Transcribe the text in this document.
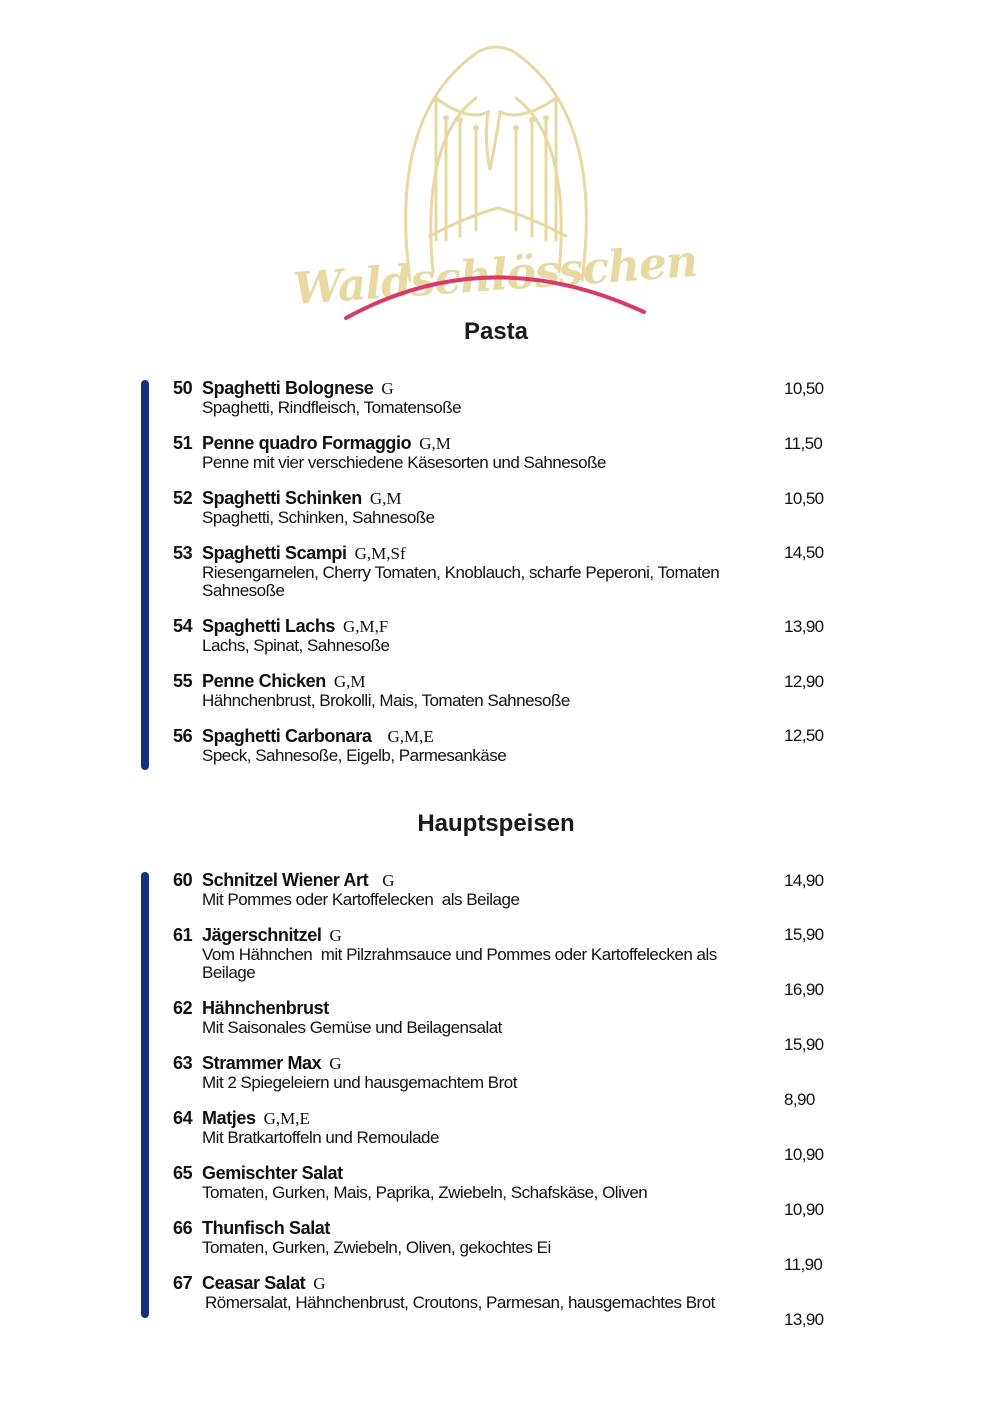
Waldschlösschen
Pasta
50 Spaghetti Bolognese G
Spaghetti, Rindfleisch, Tomatensoße
10,50
51 Penne quadro Formaggio G,M
Penne mit vier verschiedene Käsesorten und Sahnesoße
11,50
52 Spaghetti Schinken G,M
Spaghetti, Schinken, Sahnesoße
10,50
53 Spaghetti Scampi G,M,Sf
Riesengarnelen, Cherry Tomaten, Knoblauch, scharfe Peperoni, Tomaten Sahnesoße
14,50
54 Spaghetti Lachs G,M,F
Lachs, Spinat, Sahnesoße
13,90
55 Penne Chicken G,M
Hähnchenbrust, Brokolli, Mais, Tomaten Sahnesoße
12,90
56 Spaghetti Carbonara G,M,E
Speck, Sahnesoße, Eigelb, Parmesankäse
12,50
Hauptspeisen
60 Schnitzel Wiener Art G
Mit Pommes oder Kartoffelecken  als Beilage
14,90
61 Jägerschnitzel G
Vom Hähnchen  mit Pilzrahmsauce und Pommes oder Kartoffelecken als Beilage
15,90
62 Hähnchenbrust
Mit Saisonales Gemüse und Beilagensalat
16,90
63 Strammer Max G
Mit 2 Spiegeleiern und hausgemachtem Brot
15,90
64 Matjes G,M,E
Mit Bratkartoffeln und Remoulade
8,90
65 Gemischter Salat
Tomaten, Gurken, Mais, Paprika, Zwiebeln, Schafskäse, Oliven
10,90
66 Thunfisch Salat
Tomaten, Gurken, Zwiebeln, Oliven, gekochtes Ei
10,90
67 Ceasar Salat G
Römersalat, Hähnchenbrust, Croutons, Parmesan, hausgemachtes Brot
11,90
13,90
